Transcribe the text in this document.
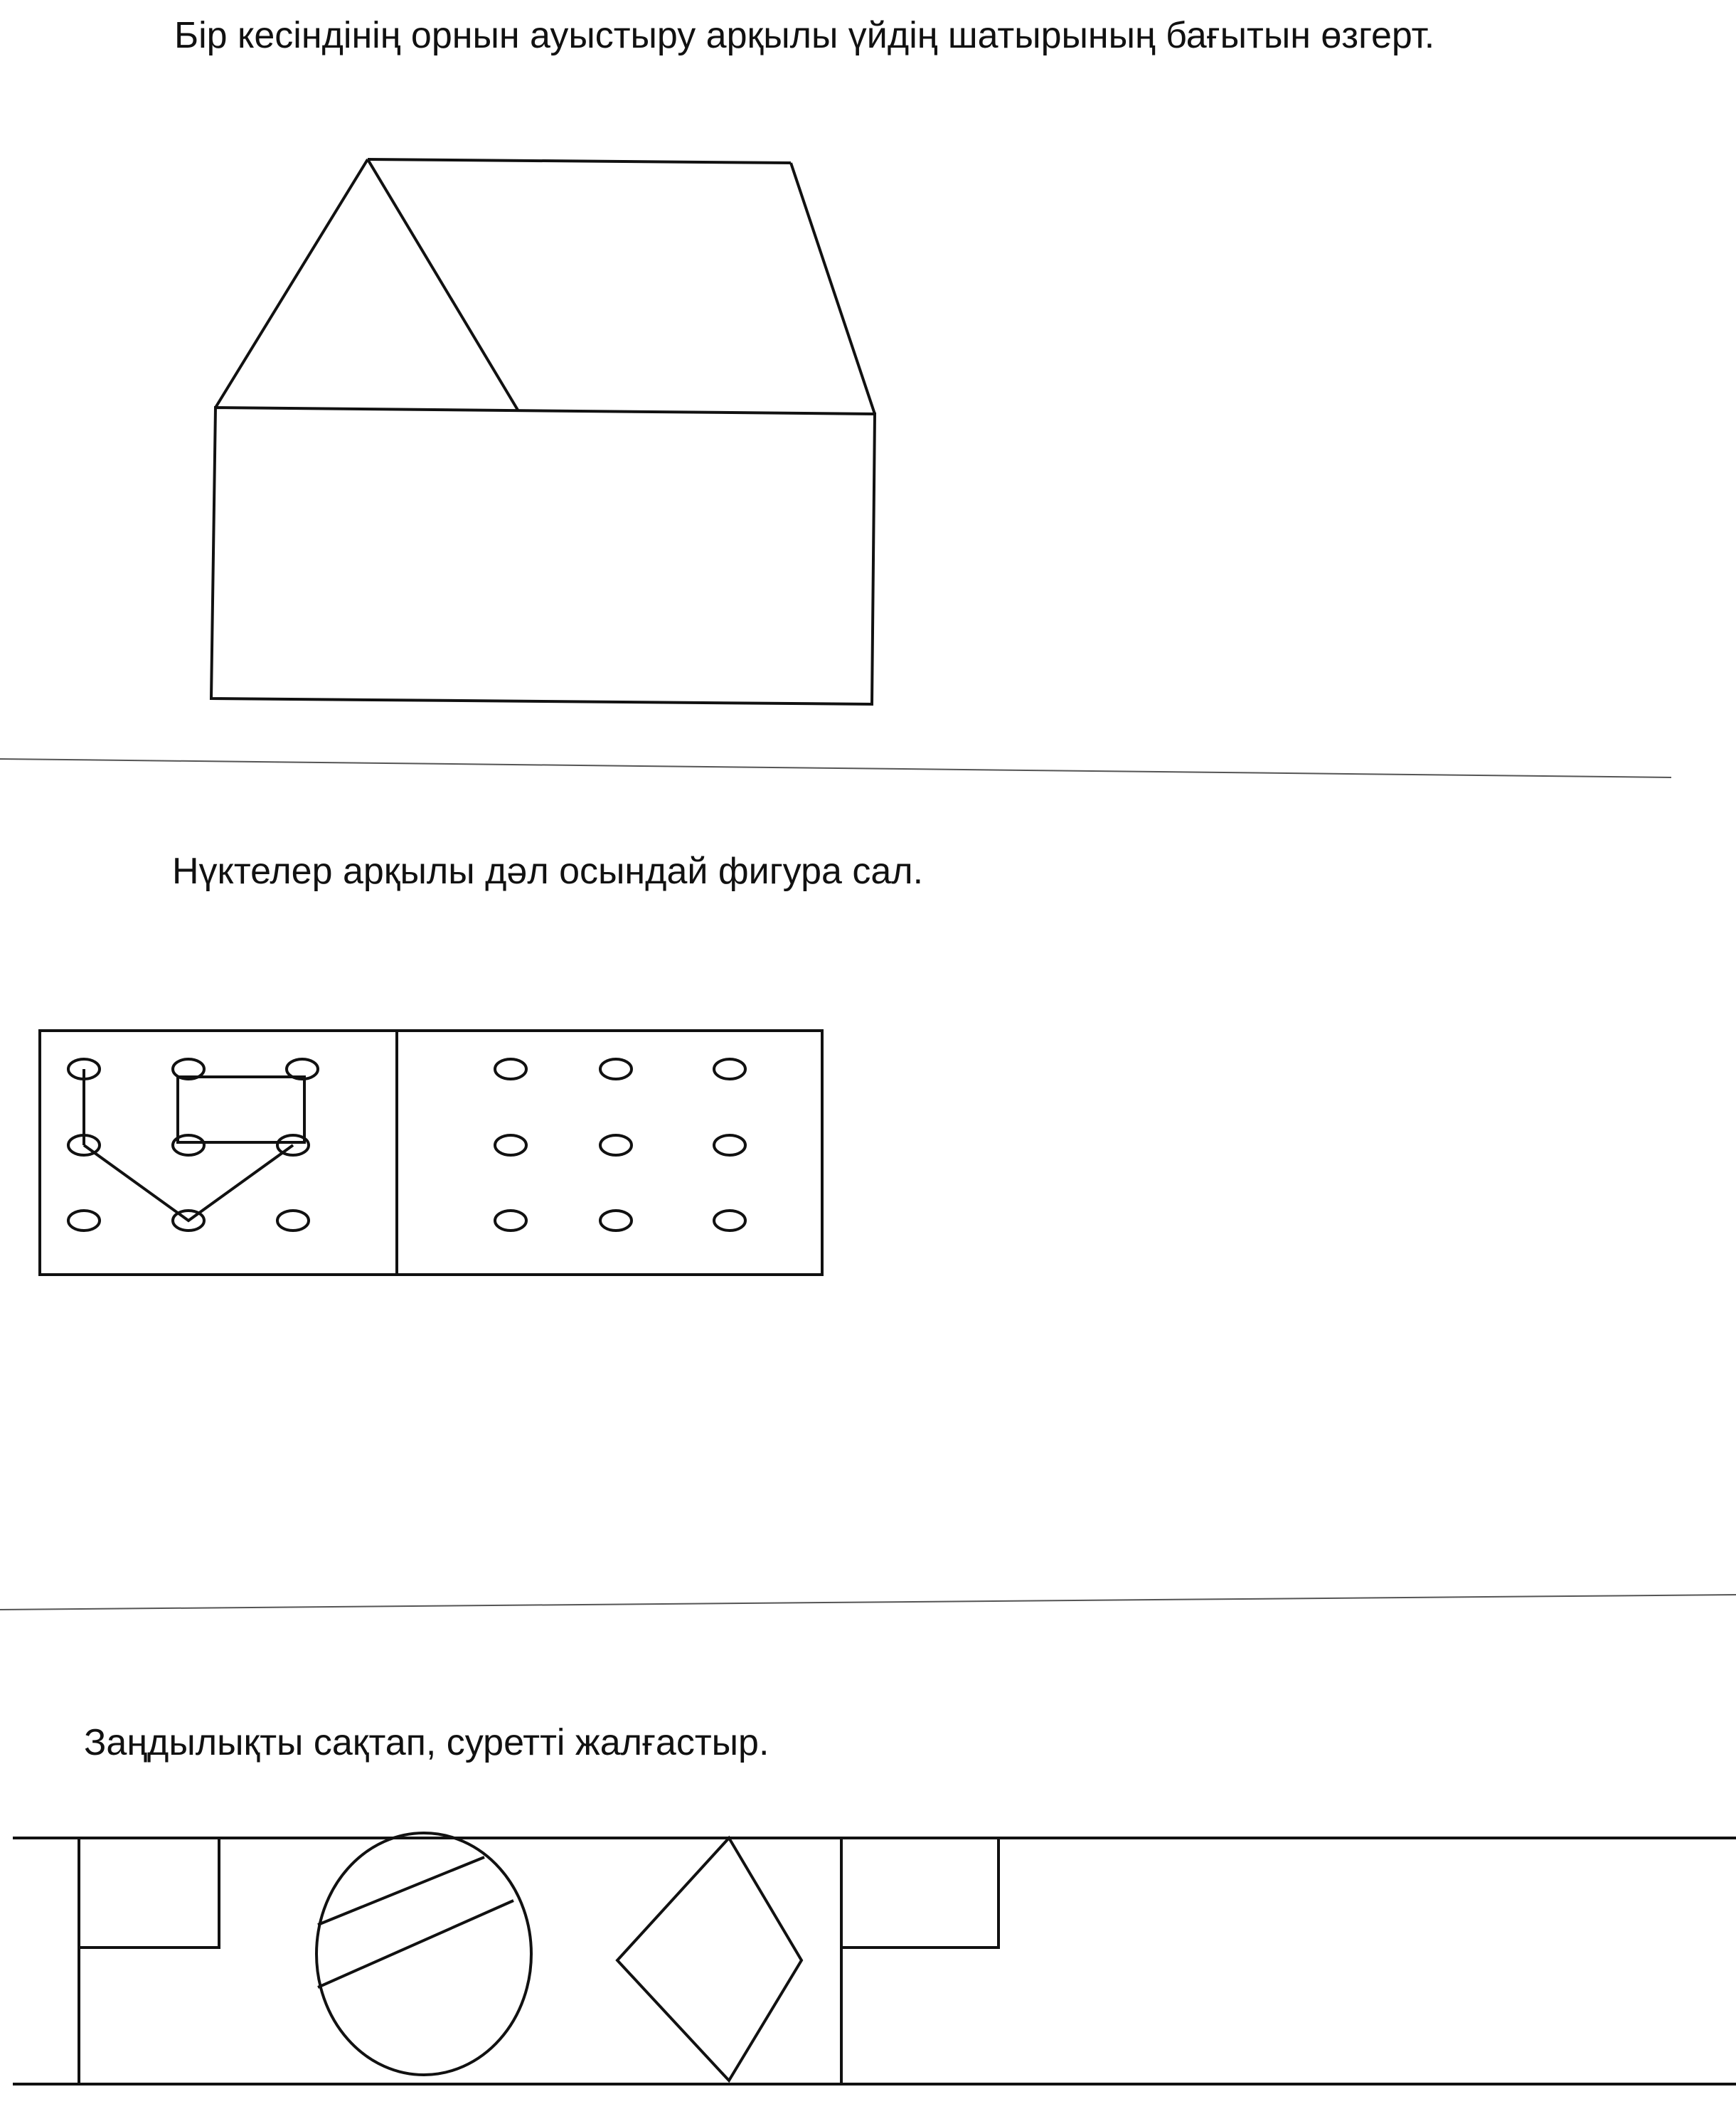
Бір кесіндінің орнын ауыстыру арқылы үйдің шатырының бағытын өзгерт.

Нүктелер арқылы дәл осындай фигура сал.

Заңдылықты сақтап, суретті жалғастыр.
